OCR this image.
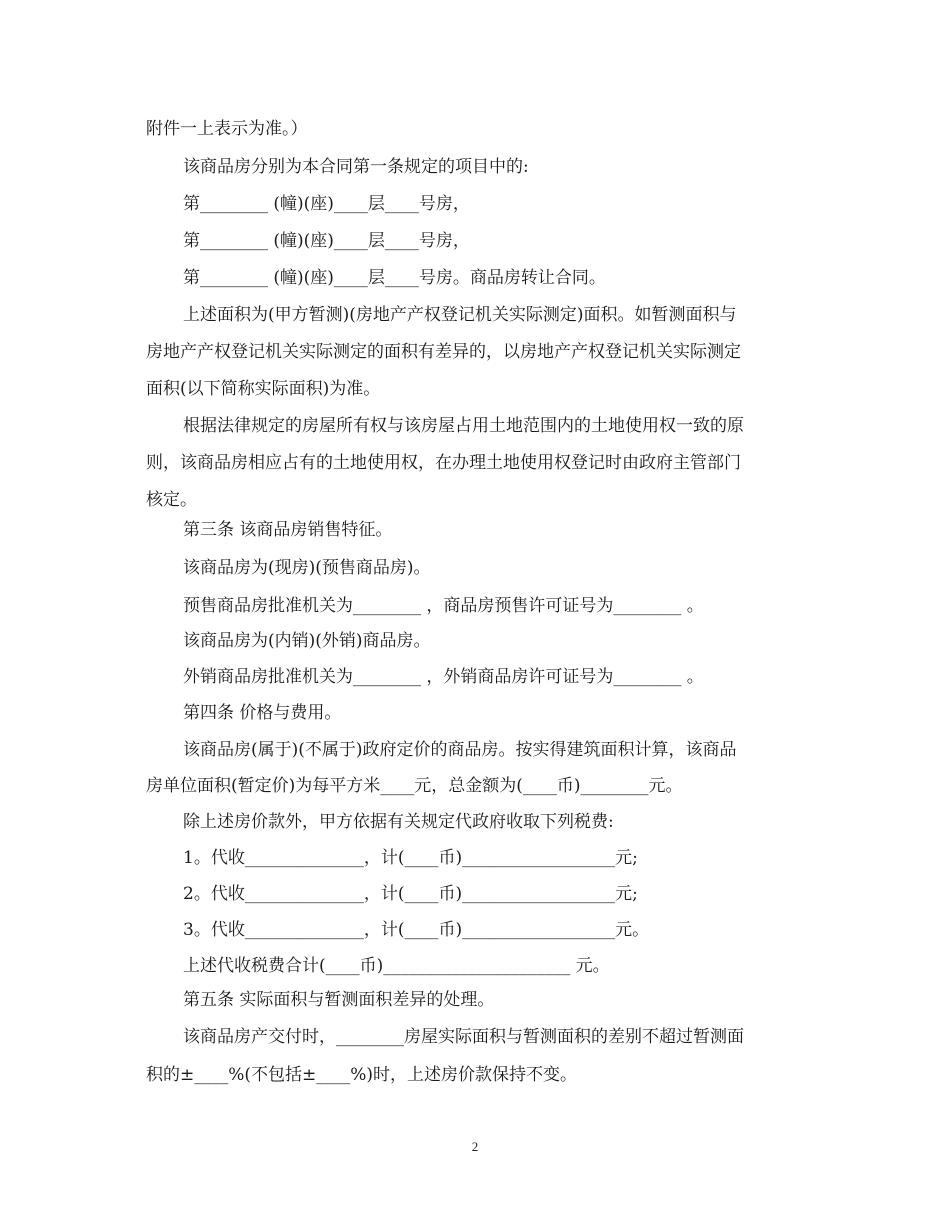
附件一上表示为准。）
该商品房分别为本合同第一条规定的项目中的:
第________ (幢)(座)____层____号房，
第________ (幢)(座)____层____号房，
第________ (幢)(座)____层____号房。商品房转让合同。
上述面积为(甲方暂测)(房地产产权登记机关实际测定)面积。如暂测面积与
房地产产权登记机关实际测定的面积有差异的，以房地产产权登记机关实际测定
面积(以下简称实际面积)为准。
根据法律规定的房屋所有权与该房屋占用土地范围内的土地使用权一致的原
则，该商品房相应占有的土地使用权，在办理土地使用权登记时由政府主管部门
核定。
第三条 该商品房销售特征。
该商品房为(现房)(预售商品房)。
预售商品房批准机关为________ ，商品房预售许可证号为________ 。
该商品房为(内销)(外销)商品房。
外销商品房批准机关为________ ，外销商品房许可证号为________ 。
第四条 价格与费用。
该商品房(属于)(不属于)政府定价的商品房。按实得建筑面积计算，该商品
房单位面积(暂定价)为每平方米____元，总金额为(____币)________元。
除上述房价款外，甲方依据有关规定代政府收取下列税费:
1。代收______________，计(____币)__________________元;
2。代收______________，计(____币)__________________元;
3。代收______________，计(____币)__________________元。
上述代收税费合计(____币)______________________ 元。
第五条 实际面积与暂测面积差异的处理。
该商品房产交付时，________房屋实际面积与暂测面积的差别不超过暂测面
积的±____%(不包括±____%)时，上述房价款保持不变。
2
